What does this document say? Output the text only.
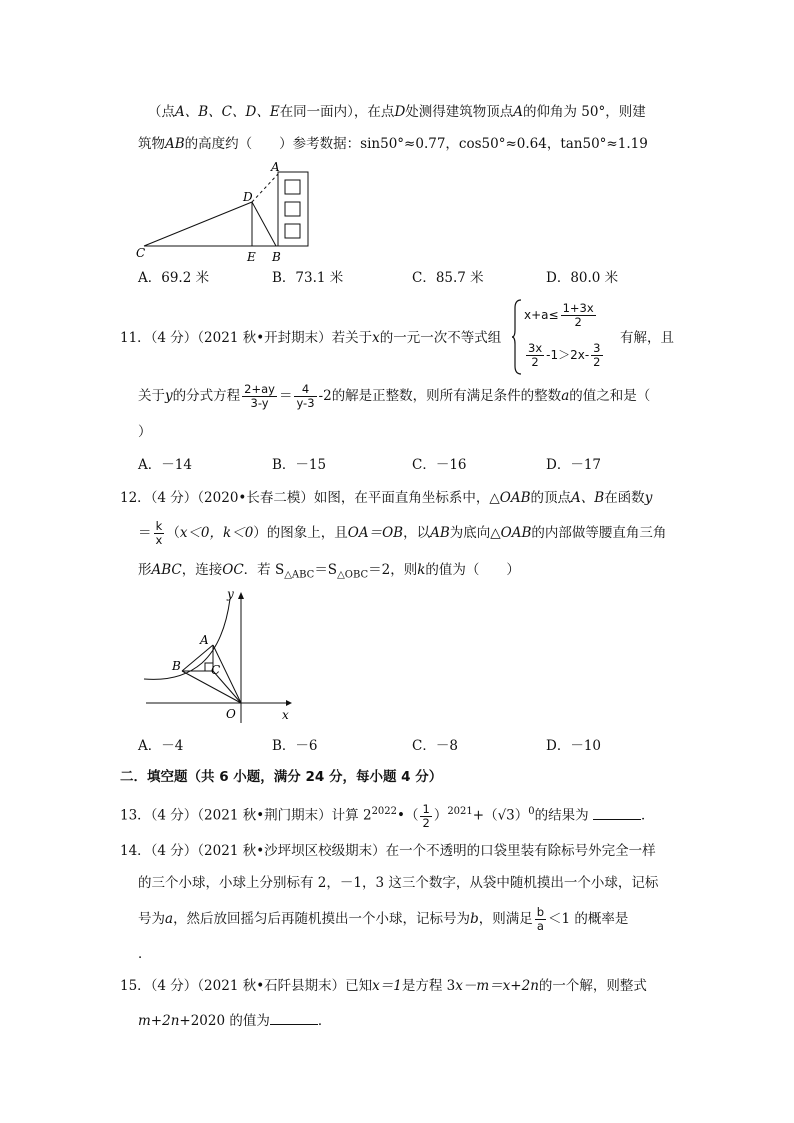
（点A、B、C、D、E在同一面内），在点D处测得建筑物顶点A的仰角为 50°，则建
筑物AB的高度约（　　）参考数据：sin50°≈0.77，cos50°≈0.64，tan50°≈1.19
A
D
C	E B
A．69.2 米	B．73.1 米	C．85.7 米	D．80.0 米
11．（4 分）（2021 秋•开封期末）若关于x的一元一次不等式组
$x+a\le \frac{1+3x}{2}$
$\frac{3x}{2} -1>2x- \frac{3}{2}$
有解，且
关于y的分式方程 $\frac{2+ay}{3-y} = \frac{4}{y-3} -2$的解是正整数，则所有满足条件的整数a的值之和是（
）
A．－14	B．－15	C．－16	D．－17
12．（4 分）（2020•长春二模）如图，在平面直角坐标系中，△OAB的顶点A、B在函数y
＝ $\frac{k}{x} (x<0$，k＜0）的图象上，且OA＝OB，以AB为底向△OAB的内部做等腰直角三角
形ABC，连接OC．若 $S_{\triangle ABC}=S_{\triangle OBC}=2$，则k的值为（　　）
y
x
O
A
B	C
A．－4	B．－6	C．－8	D．－10
二．填空题（共 6 小题，满分 24 分，每小题 4 分）
13．（4 分）（2021 秋•荆门期末）计算 $2^{2022}•( \frac{1}{2} )^{2021}+(√3)^0$的结果为	．
14．（4 分）（2021 秋•沙坪坝区校级期末）在一个不透明的口袋里装有除标号外完全一样
的三个小球，小球上分别标有 2，－1，3 这三个数字，从袋中随机摸出一个小球，记标
号为a，然后放回摇匀后再随机摸出一个小球，记标号为b，则满足 $\frac{b}{a} <1$ 的概率是
．
15．（4 分）（2021 秋•石阡县期末）已知x＝1是方程 3x－m＝x+2n的一个解，则整式
m+2n+2020 的值为	．
